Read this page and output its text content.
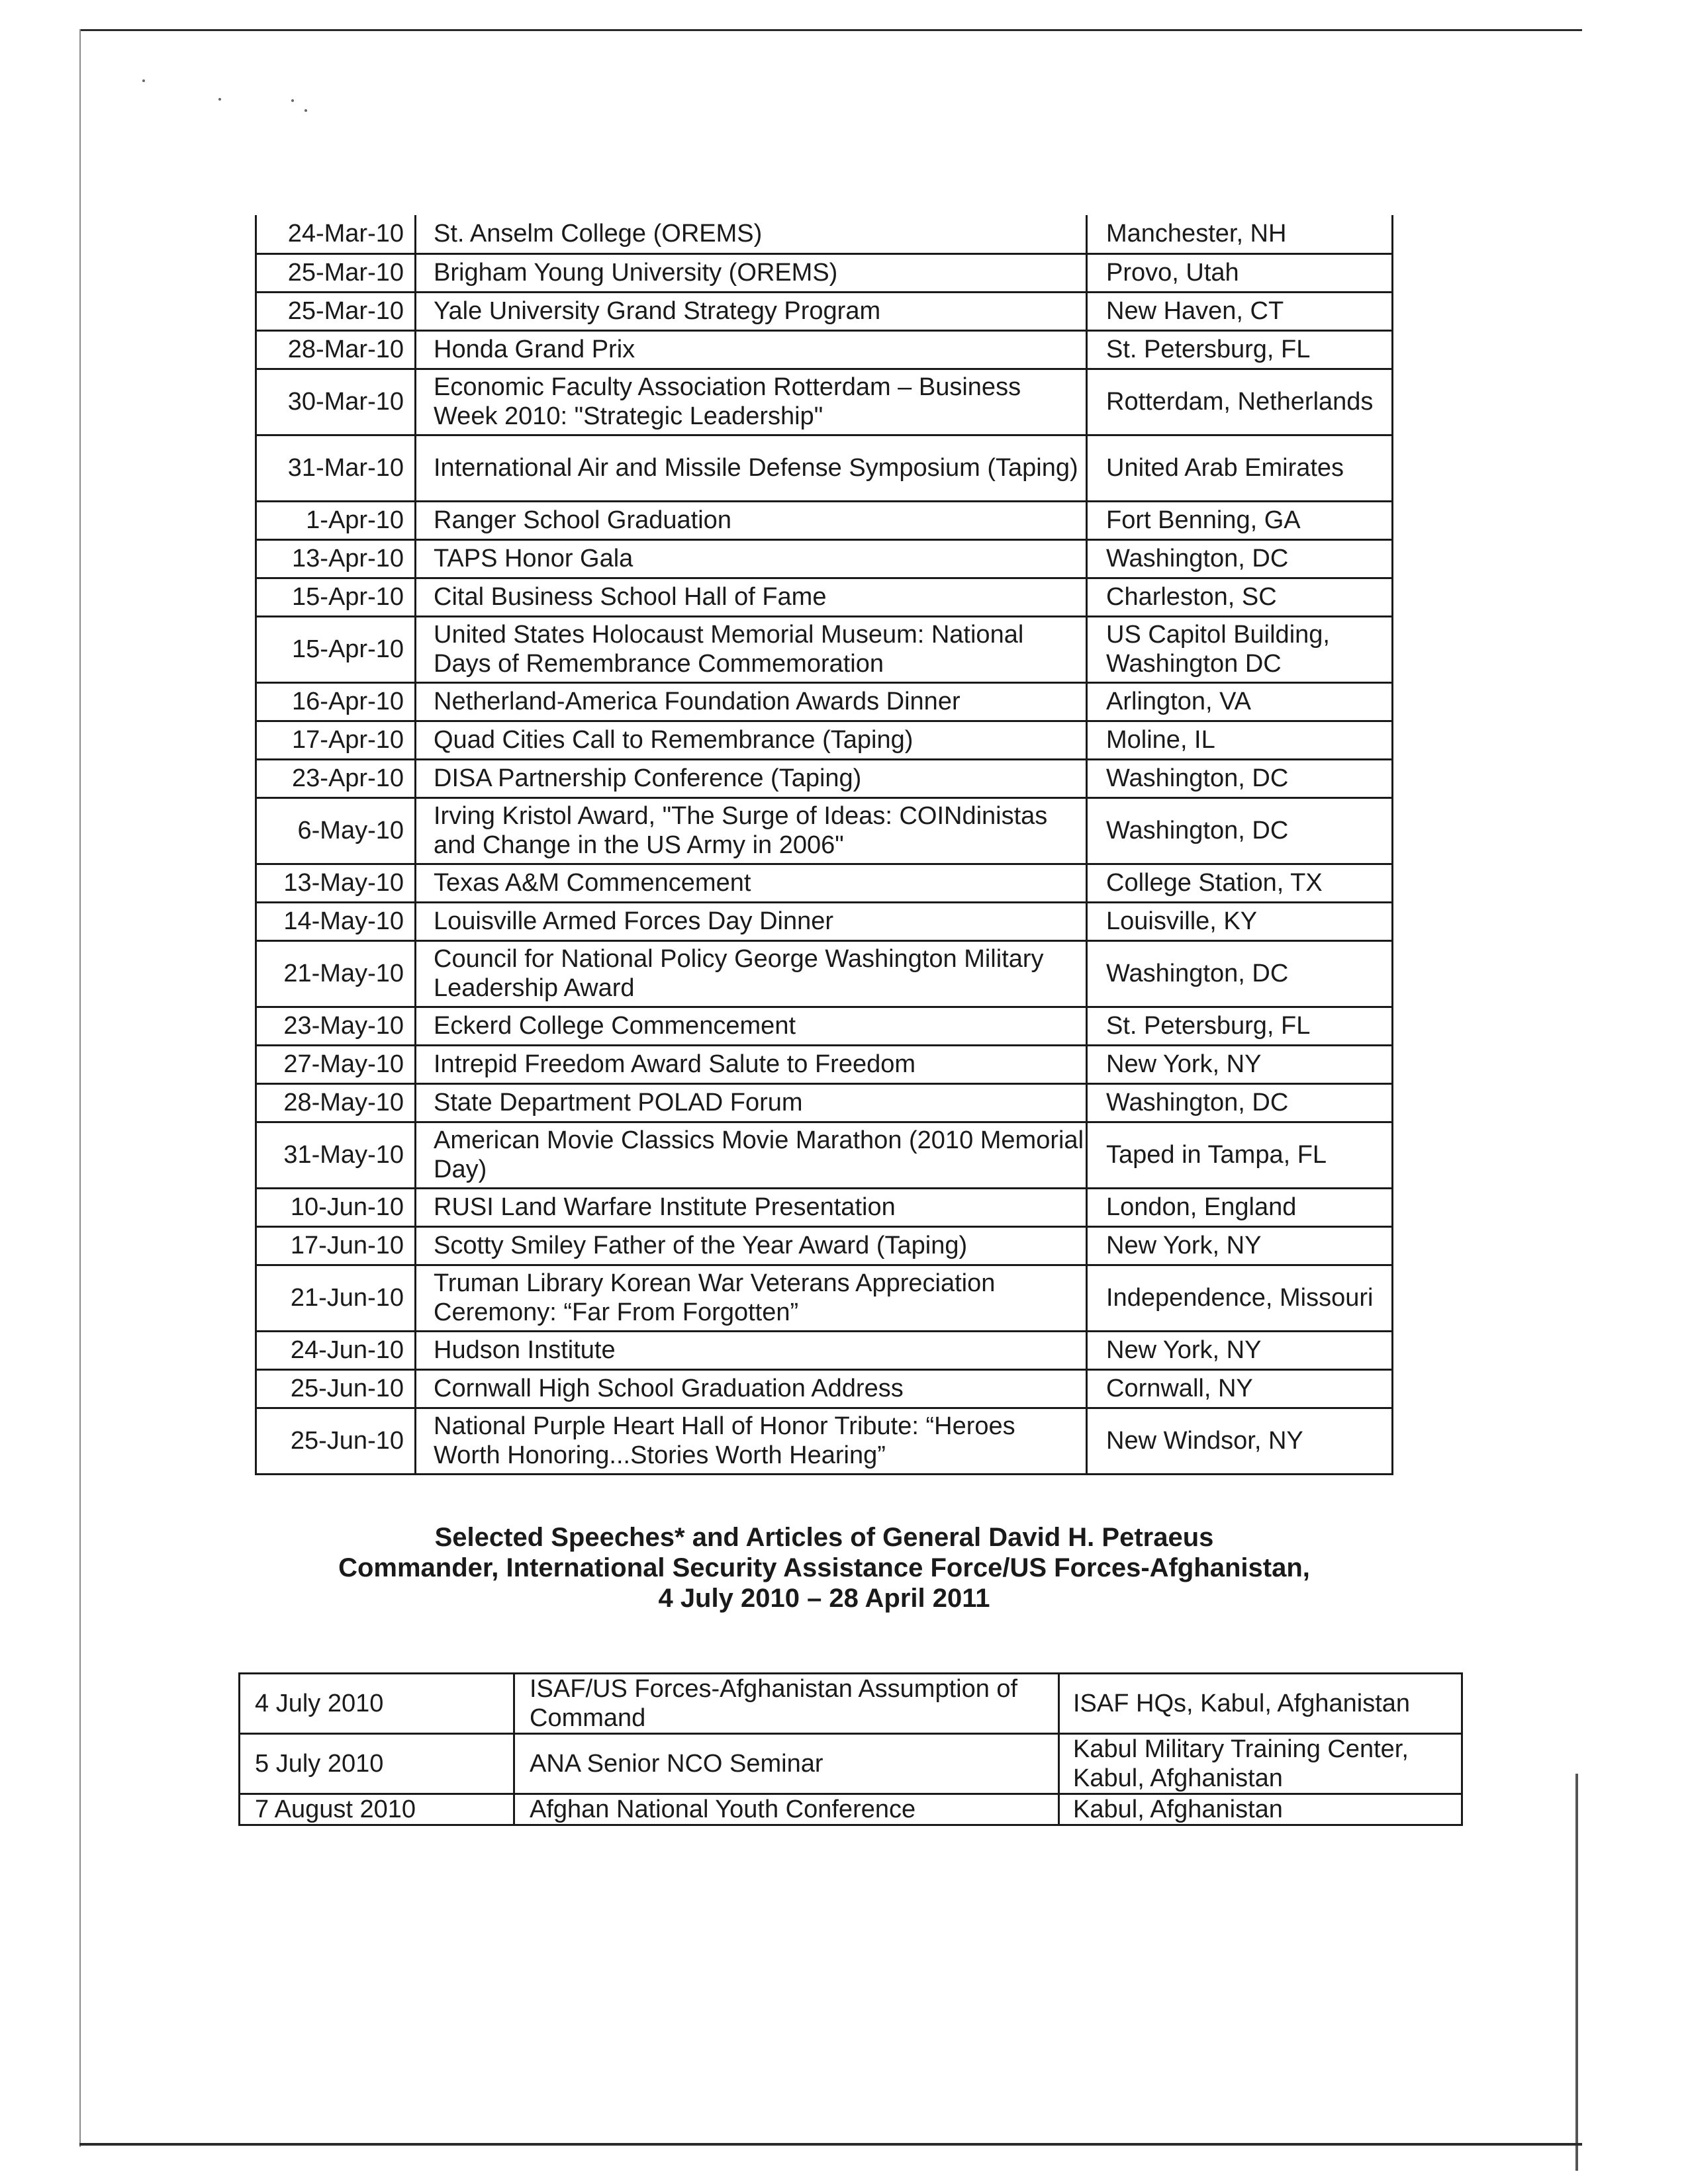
24-Mar-10	St. Anselm College (OREMS)	Manchester, NH
25-Mar-10	Brigham Young University (OREMS)	Provo, Utah
25-Mar-10	Yale University Grand Strategy Program	New Haven, CT
28-Mar-10	Honda Grand Prix	St. Petersburg, FL
30-Mar-10	Economic Faculty Association Rotterdam – Business Week 2010: "Strategic Leadership"	Rotterdam, Netherlands
31-Mar-10	International Air and Missile Defense Symposium (Taping)	United Arab Emirates
1-Apr-10	Ranger School Graduation	Fort Benning, GA
13-Apr-10	TAPS Honor Gala	Washington, DC
15-Apr-10	Cital Business School Hall of Fame	Charleston, SC
15-Apr-10	United States Holocaust Memorial Museum: National Days of Remembrance Commemoration	US Capitol Building, Washington DC
16-Apr-10	Netherland-America Foundation Awards Dinner	Arlington, VA
17-Apr-10	Quad Cities Call to Remembrance (Taping)	Moline, IL
23-Apr-10	DISA Partnership Conference (Taping)	Washington, DC
6-May-10	Irving Kristol Award, "The Surge of Ideas: COINdinistas and Change in the US Army in 2006"	Washington, DC
13-May-10	Texas A&M Commencement	College Station, TX
14-May-10	Louisville Armed Forces Day Dinner	Louisville, KY
21-May-10	Council for National Policy George Washington Military Leadership Award	Washington, DC
23-May-10	Eckerd College Commencement	St. Petersburg, FL
27-May-10	Intrepid Freedom Award Salute to Freedom	New York, NY
28-May-10	State Department POLAD Forum	Washington, DC
31-May-10	American Movie Classics Movie Marathon (2010 Memorial Day)	Taped in Tampa, FL
10-Jun-10	RUSI Land Warfare Institute Presentation	London, England
17-Jun-10	Scotty Smiley Father of the Year Award (Taping)	New York, NY
21-Jun-10	Truman Library Korean War Veterans Appreciation Ceremony: “Far From Forgotten”	Independence, Missouri
24-Jun-10	Hudson Institute	New York, NY
25-Jun-10	Cornwall High School Graduation Address	Cornwall, NY
25-Jun-10	National Purple Heart Hall of Honor Tribute: “Heroes Worth Honoring...Stories Worth Hearing”	New Windsor, NY
Selected Speeches* and Articles of General David H. Petraeus
Commander, International Security Assistance Force/US Forces-Afghanistan,
4 July 2010 – 28 April 2011
4 July 2010	ISAF/US Forces-Afghanistan Assumption of Command	ISAF HQs, Kabul, Afghanistan
5 July 2010	ANA Senior NCO Seminar	Kabul Military Training Center, Kabul, Afghanistan
7 August 2010	Afghan National Youth Conference	Kabul, Afghanistan
